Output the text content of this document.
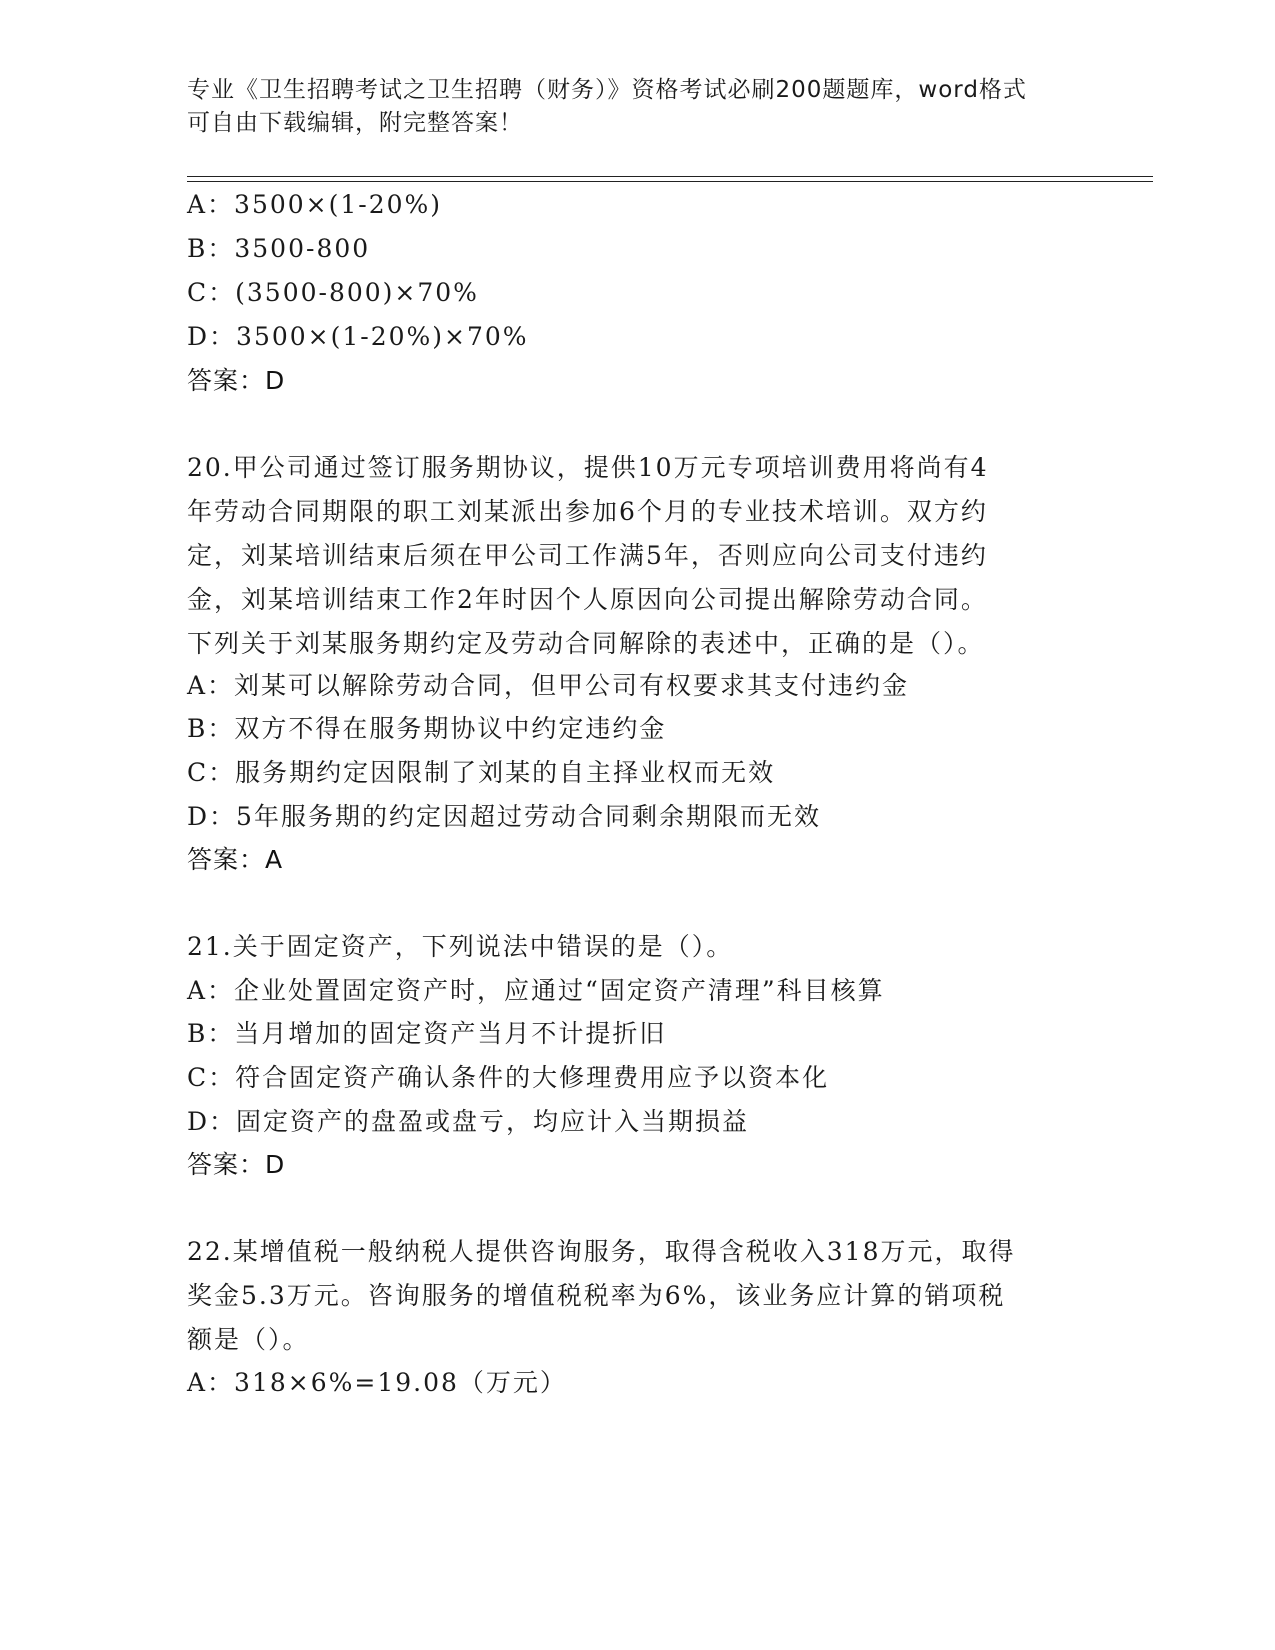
专业《卫生招聘考试之卫生招聘（财务）》资格考试必刷200题题库，word格式
可自由下载编辑，附完整答案！
A：3500×(1-20%)
B：3500-800
C：(3500-800)×70%
D：3500×(1-20%)×70%
答案：D
20.甲公司通过签订服务期协议，提供10万元专项培训费用将尚有4
年劳动合同期限的职工刘某派出参加6个月的专业技术培训。双方约
定，刘某培训结束后须在甲公司工作满5年，否则应向公司支付违约
金，刘某培训结束工作2年时因个人原因向公司提出解除劳动合同。
下列关于刘某服务期约定及劳动合同解除的表述中，正确的是（）。
A：刘某可以解除劳动合同，但甲公司有权要求其支付违约金
B：双方不得在服务期协议中约定违约金
C：服务期约定因限制了刘某的自主择业权而无效
D：5年服务期的约定因超过劳动合同剩余期限而无效
答案：A
21.关于固定资产，下列说法中错误的是（）。
A：企业处置固定资产时，应通过“固定资产清理”科目核算
B：当月增加的固定资产当月不计提折旧
C：符合固定资产确认条件的大修理费用应予以资本化
D：固定资产的盘盈或盘亏，均应计入当期损益
答案：D
22.某增值税一般纳税人提供咨询服务，取得含税收入318万元，取得
奖金5.3万元。咨询服务的增值税税率为6%，该业务应计算的销项税
额是（）。
A：318×6%=19.08（万元）
